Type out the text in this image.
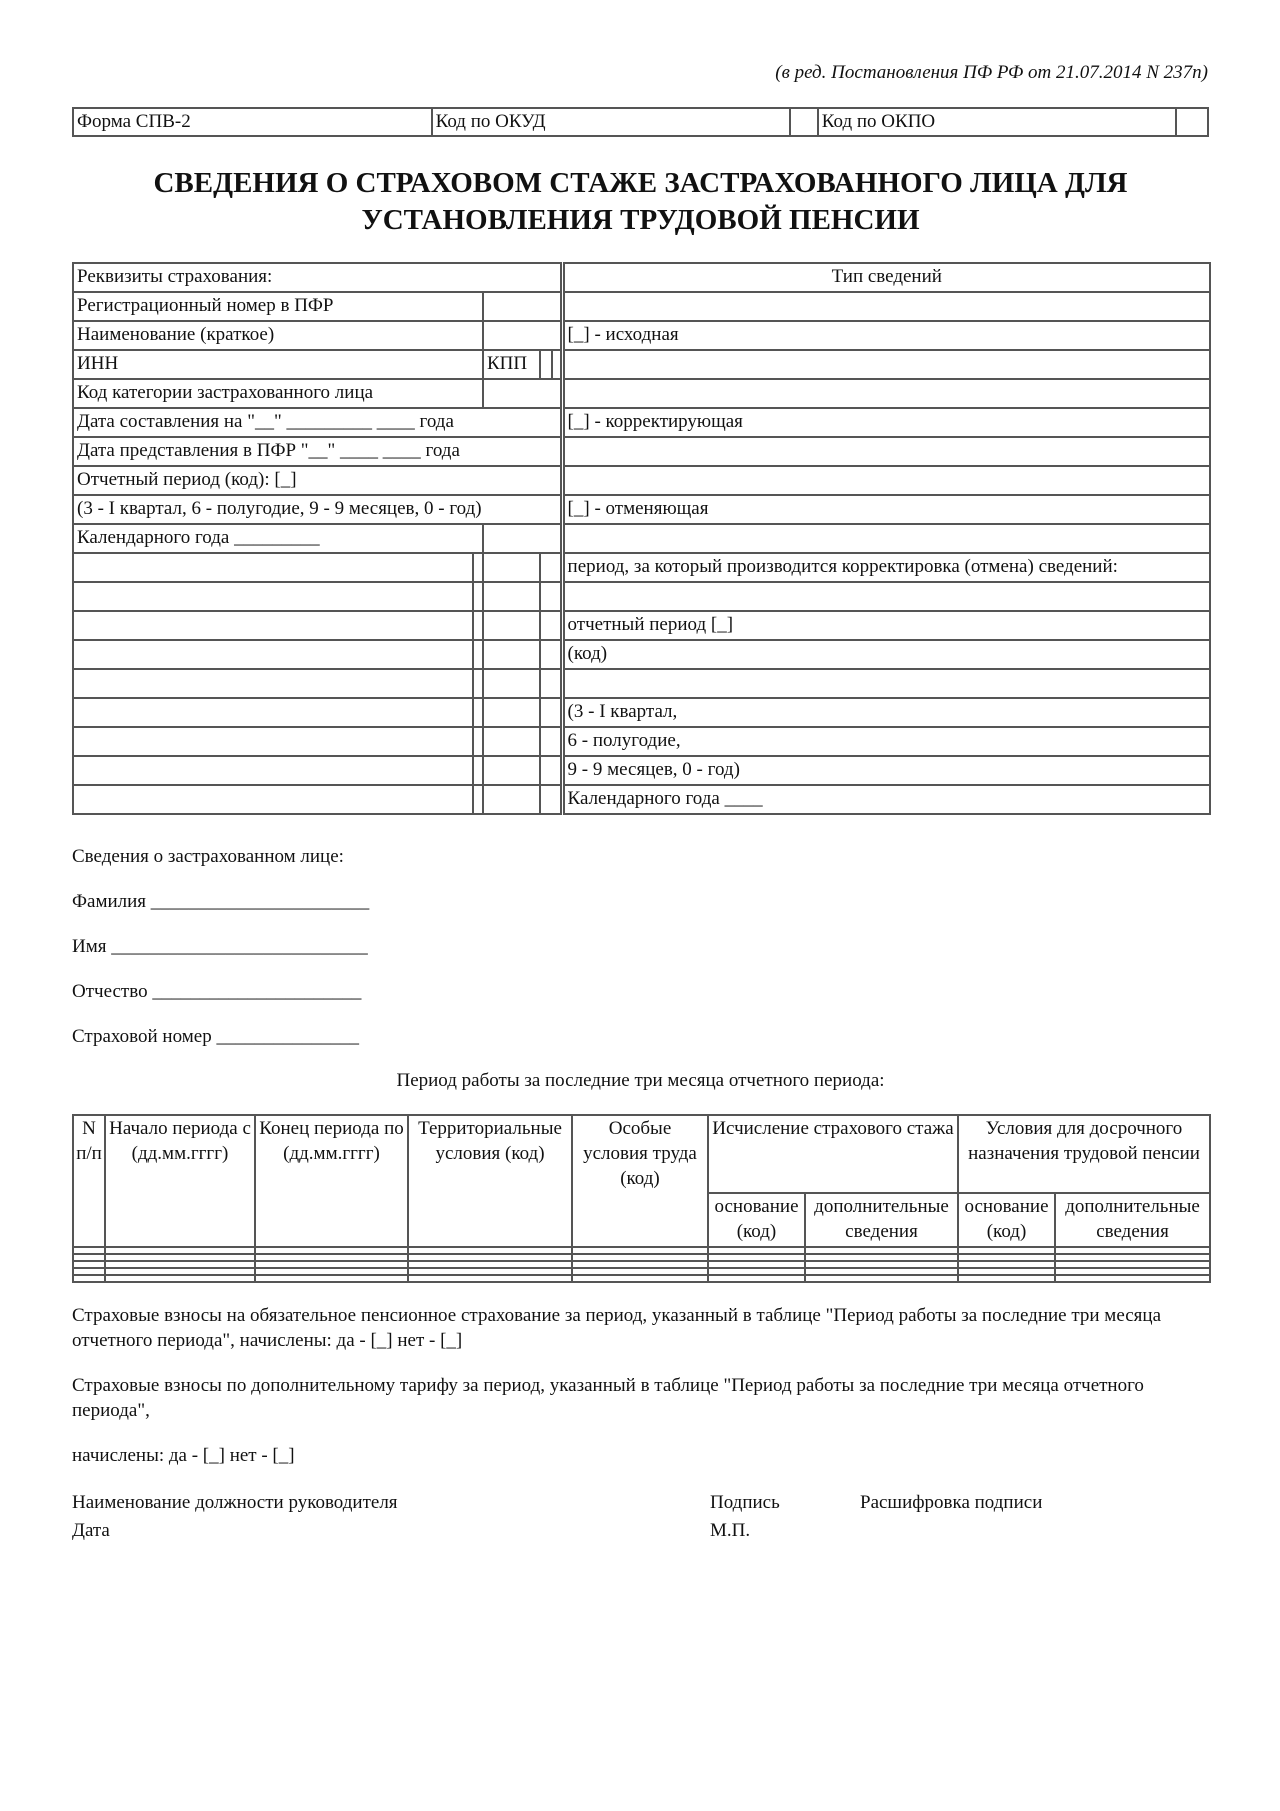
(в ред. Постановления ПФ РФ от 21.07.2014 N 237п)
Форма СПВ-2	Код по ОКУД		Код по ОКПО	
СВЕДЕНИЯ О СТРАХОВОМ СТАЖЕ ЗАСТРАХОВАННОГО ЛИЦА ДЛЯ
УСТАНОВЛЕНИЯ ТРУДОВОЙ ПЕНСИИ
Реквизиты страхования:					Тип сведений
Регистрационный номер в ПФР					
Наименование (краткое)					[_] - исходная
ИНН		КПП			
Код категории застрахованного лица					
Дата составления на "__" _________ ____ года					[_] - корректирующая
Дата представления в ПФР "__" ____ ____ года					
Отчетный период (код): [_]					
(3 - I квартал, 6 - полугодие, 9 - 9 месяцев, 0 - год)					[_] - отменяющая
Календарного года _________					
					период, за который производится корректировка (отмена) сведений:

					отчетный период [_]
					(код)

					(3 - I квартал,
					6 - полугодие,
					9 - 9 месяцев, 0 - год)
					Календарного года ____
Сведения о застрахованном лице:
Фамилия _______________________
Имя ___________________________
Отчество ______________________
Страховой номер _______________
Период работы за последние три месяца отчетного периода:
N п/п	Начало периода с (дд.мм.гггг)	Конец периода по (дд.мм.гггг)	Территориальные условия (код)	Особые условия труда (код)	Исчисление страхового стажа		Условия для досрочного назначения трудовой пенсии	
					основание (код)	дополнительные сведения	основание (код)	дополнительные сведения

Страховые взносы на обязательное пенсионное страхование за период, указанный в таблице "Период работы за последние три месяца отчетного периода", начислены: да - [_] нет - [_]
Страховые взносы по дополнительному тарифу за период, указанный в таблице "Период работы за последние три месяца отчетного периода",
начислены: да - [_] нет - [_]
Наименование должности руководителя	Подпись	Расшифровка подписи
Дата	М.П.
